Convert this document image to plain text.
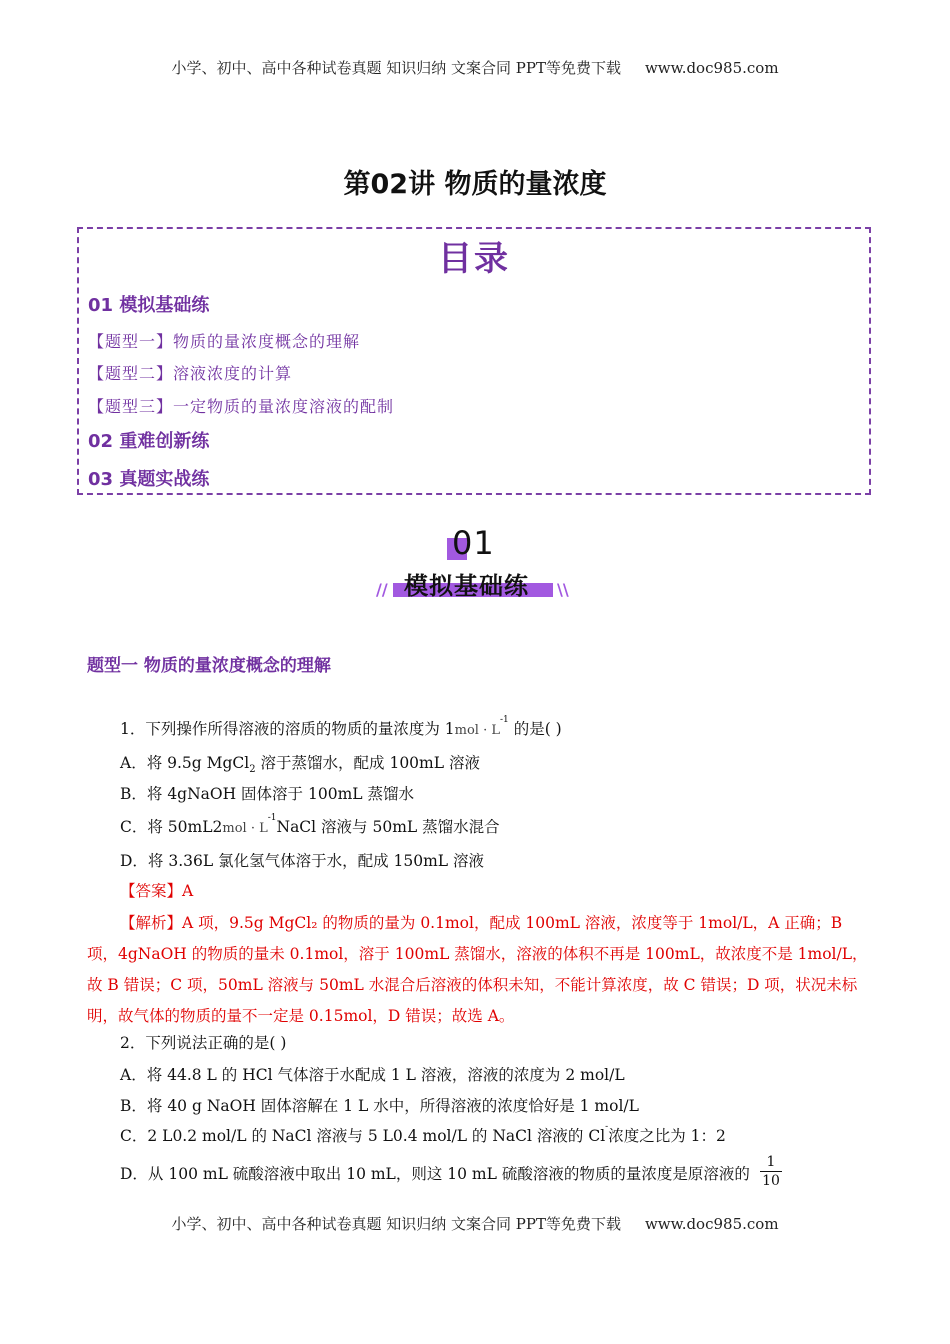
小学、初中、高中各种试卷真题 知识归纳 文案合同 PPT等免费下载 www.doc985.com
第02讲 物质的量浓度
目录
01 模拟基础练
【题型一】物质的量浓度概念的理解
【题型二】溶液浓度的计算
【题型三】一定物质的量浓度溶液的配制
02 重难创新练
03 真题实战练
01
模拟基础练
//	\\
题型一 物质的量浓度概念的理解
1．下列操作所得溶液的溶质的物质的量浓度为 $1mol \cdot L^{-1}$ 的是( )
A．将 9.5g MgCl$_2$ 溶于蒸馏水，配成 100mL 溶液
B．将 4gNaOH 固体溶于 100mL 蒸馏水
C．将 $50mL2mol \cdot L^{-1}NaCl$ 溶液与 50mL 蒸馏水混合
D．将 3.36L 氯化氢气体溶于水，配成 150mL 溶液
【答案】A
【解析】A 项，9.5g MgCl₂ 的物质的量为 0.1mol，配成 100mL 溶液，浓度等于 1mol/L，A 正确；B 项，4gNaOH 的物质的量未 0.1mol，溶于 100mL 蒸馏水，溶液的体积不再是 100mL，故浓度不是 1mol/L，故 B 错误；C 项，50mL 溶液与 50mL 水混合后溶液的体积未知，不能计算浓度，故 C 错误；D 项，状况未标明，故气体的物质的量不一定是 0.15mol，D 错误；故选 A。
2．下列说法正确的是( )
A．将 44.8 L 的 HCl 气体溶于水配成 1 L 溶液，溶液的浓度为 2 mol/L
B．将 40 g NaOH 固体溶解在 1 L 水中，所得溶液的浓度恰好是 1 mol/L
C．2 L0.2 mol/L 的 NaCl 溶液与 5 L0.4 mol/L 的 NaCl 溶液的 Cl-浓度之比为 1：2
D．从 100 mL 硫酸溶液中取出 10 mL，则这 10 mL 硫酸溶液的物质的量浓度是原溶液的
1
10
小学、初中、高中各种试卷真题 知识归纳 文案合同 PPT等免费下载 www.doc985.com
